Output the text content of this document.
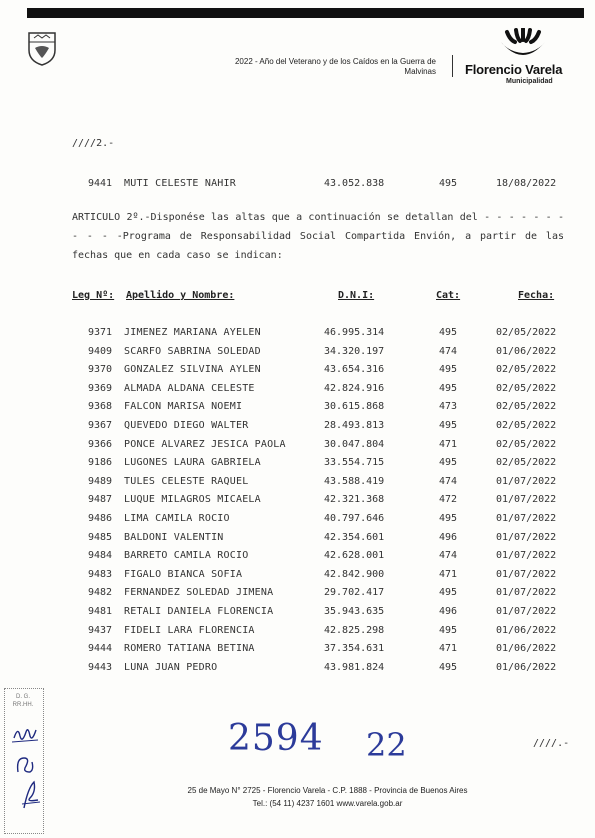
2022 - Año del Veterano y de los Caídos en la Guerra de Malvinas Florencio Varela
Municipalidad
////2.-
9441 MUTI CELESTE NAHIR	43.052.838	495	18/08/2022
ARTICULO 2º.-Disponése las altas que a continuación se detallan del - - - - - - - - - - -Programa de Responsabilidad Social Compartida Envión, a partir de las fechas que en cada caso se indican:
Leg Nº: Apellido y Nombre:	D.N.I:	Cat:	Fecha:
9371 JIMENEZ MARIANA AYELEN	46.995.314	495	02/05/2022
9409 SCARFO SABRINA SOLEDAD	34.320.197	474	01/06/2022
9370 GONZALEZ SILVINA AYLEN	43.654.316	495	02/05/2022
9369 ALMADA ALDANA CELESTE	42.824.916	495	02/05/2022
9368 FALCON MARISA NOEMI	30.615.868	473	02/05/2022
9367 QUEVEDO DIEGO WALTER	28.493.813	495	02/05/2022
9366 PONCE ALVAREZ JESICA PAOLA	30.047.804	471	02/05/2022
9186 LUGONES LAURA GABRIELA	33.554.715	495	02/05/2022
9489 TULES CELESTE RAQUEL	43.588.419	474	01/07/2022
9487 LUQUE MILAGROS MICAELA	42.321.368	472	01/07/2022
9486 LIMA CAMILA ROCIO	40.797.646	495	01/07/2022
9485 BALDONI VALENTIN	42.354.601	496	01/07/2022
9484 BARRETO CAMILA ROCIO	42.628.001	474	01/07/2022
9483 FIGALO BIANCA SOFIA	42.842.900	471	01/07/2022
9482 FERNANDEZ SOLEDAD JIMENA	29.702.417	495	01/07/2022
9481 RETALI DANIELA FLORENCIA	35.943.635	496	01/07/2022
9437 FIDELI LARA FLORENCIA	42.825.298	495	01/06/2022
9444 ROMERO TATIANA BETINA	37.354.631	471	01/06/2022
9443 LUNA JUAN PEDRO	43.981.824	495	01/06/2022
D. G. RR.HH.
2594 22	////.-
25 de Mayo N° 2725 - Florencio Varela - C.P. 1888 - Provincia de Buenos Aires
Tel.: (54 11) 4237 1601 www.varela.gob.ar
